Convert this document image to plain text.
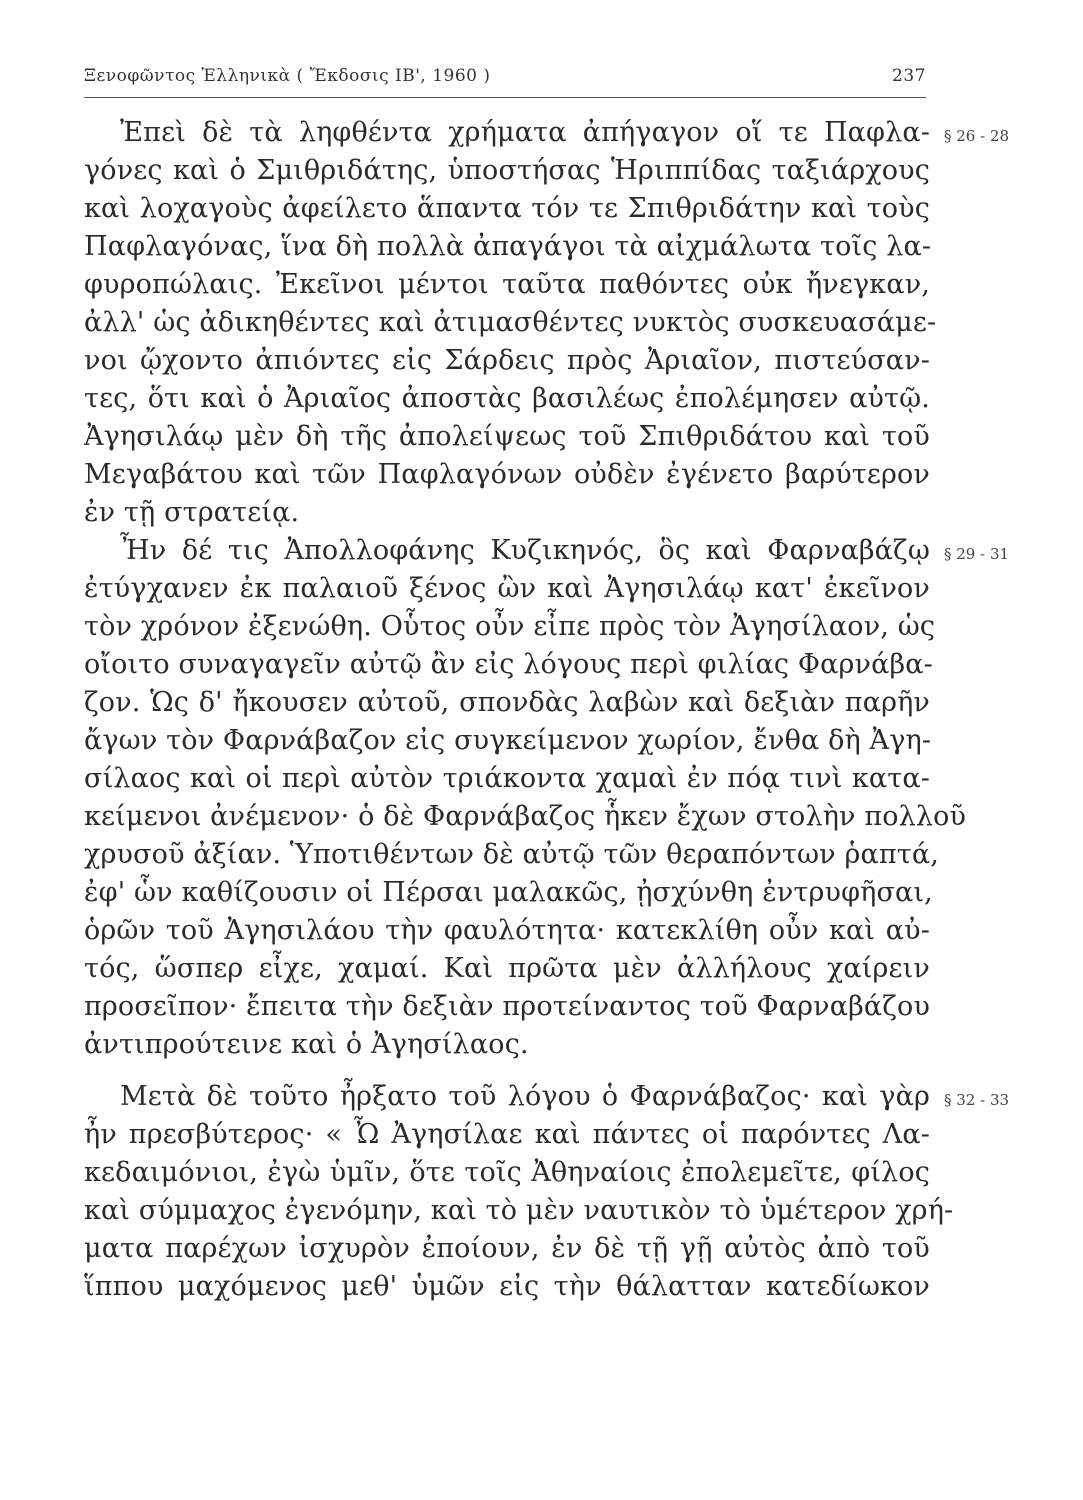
Ξενοφῶντος Ἑλληνικὰ ( Ἔκδοσις ΙΒ', 1960 )	237
Ἐπεὶ δὲ τὰ ληφθέντα χρήματα ἀπήγαγον οἵ τε Παφλα-
γόνες καὶ ὁ Σμιθριδάτης, ὑποστήσας Ἡριππίδας ταξιάρχους
καὶ λοχαγοὺς ἀφείλετο ἅπαντα τόν τε Σπιθριδάτην καὶ τοὺς
Παφλαγόνας, ἵνα δὴ πολλὰ ἀπαγάγοι τὰ αἰχμάλωτα τοῖς λα-
φυροπώλαις. Ἐκεῖνοι μέντοι ταῦτα παθόντες οὐκ ἤνεγκαν,
ἀλλ' ὡς ἀδικηθέντες καὶ ἀτιμασθέντες νυκτὸς συσκευασάμε-
νοι ᾤχοντο ἀπιόντες εἰς Σάρδεις πρὸς Ἀριαῖον, πιστεύσαν-
τες, ὅτι καὶ ὁ Ἀριαῖος ἀποστὰς βασιλέως ἐπολέμησεν αὐτῷ.
Ἀγησιλάῳ μὲν δὴ τῆς ἀπολείψεως τοῦ Σπιθριδάτου καὶ τοῦ
Μεγαβάτου καὶ τῶν Παφλαγόνων οὐδὲν ἐγένετο βαρύτερον
ἐν τῇ στρατείᾳ.
Ἦν δέ τις Ἀπολλοφάνης Κυζικηνός, ὃς καὶ Φαρναβάζῳ
ἐτύγχανεν ἐκ παλαιοῦ ξένος ὢν καὶ Ἀγησιλάῳ κατ' ἐκεῖνον
τὸν χρόνον ἐξενώθη. Οὗτος οὖν εἶπε πρὸς τὸν Ἀγησίλαον, ὡς
οἴοιτο συναγαγεῖν αὐτῷ ἂν εἰς λόγους περὶ φιλίας Φαρνάβα-
ζον. Ὡς δ' ἤκουσεν αὐτοῦ, σπονδὰς λαβὼν καὶ δεξιὰν παρῆν
ἄγων τὸν Φαρνάβαζον εἰς συγκείμενον χωρίον, ἔνθα δὴ Ἀγη-
σίλαος καὶ οἱ περὶ αὐτὸν τριάκοντα χαμαὶ ἐν πόᾳ τινὶ κατα-
κείμενοι ἀνέμενον· ὁ δὲ Φαρνάβαζος ἧκεν ἔχων στολὴν πολλοῦ
χρυσοῦ ἀξίαν. Ὑποτιθέντων δὲ αὐτῷ τῶν θεραπόντων ῥαπτά,
ἐφ' ὧν καθίζουσιν οἱ Πέρσαι μαλακῶς, ᾐσχύνθη ἐντρυφῆσαι,
ὁρῶν τοῦ Ἀγησιλάου τὴν φαυλότητα· κατεκλίθη οὖν καὶ αὐ-
τός, ὥσπερ εἶχε, χαμαί. Καὶ πρῶτα μὲν ἀλλήλους χαίρειν
προσεῖπον· ἔπειτα τὴν δεξιὰν προτείναντος τοῦ Φαρναβάζου
ἀντιπρούτεινε καὶ ὁ Ἀγησίλαος.
Μετὰ δὲ τοῦτο ἦρξατο τοῦ λόγου ὁ Φαρνάβαζος· καὶ γὰρ
ἦν πρεσβύτερος· « Ὦ Ἀγησίλαε καὶ πάντες οἱ παρόντες Λα-
κεδαιμόνιοι, ἐγὼ ὑμῖν, ὅτε τοῖς Ἀθηναίοις ἐπολεμεῖτε, φίλος
καὶ σύμμαχος ἐγενόμην, καὶ τὸ μὲν ναυτικὸν τὸ ὑμέτερον χρή-
ματα παρέχων ἰσχυρὸν ἐποίουν, ἐν δὲ τῇ γῇ αὐτὸς ἀπὸ τοῦ
ἵππου μαχόμενος μεθ' ὑμῶν εἰς τὴν θάλατταν κατεδίωκον
§ 26 - 28
§ 29 - 31
§ 32 - 33
